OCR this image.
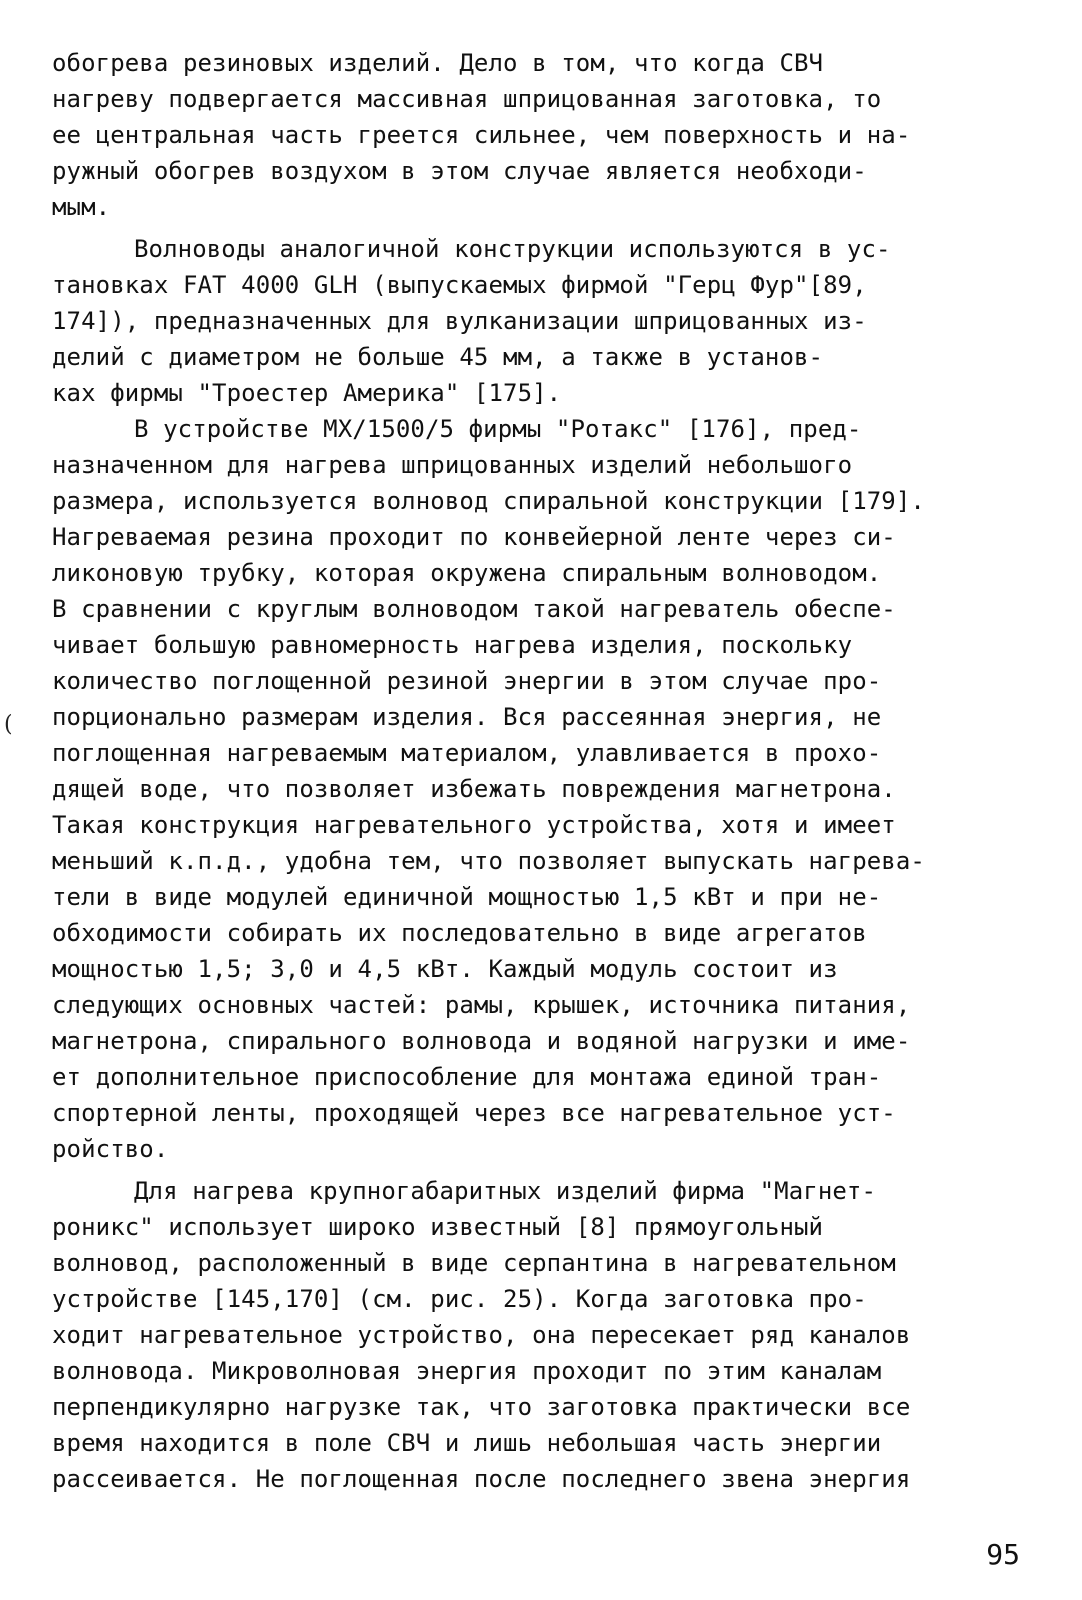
обогрева резиновых изделий. Дело в том, что когда СВЧ
нагреву подвергается массивная шприцованная заготовка, то
ее центральная часть греется сильнее, чем поверхность и на-
ружный обогрев воздухом в этом случае является необходи-
мым.
Волноводы аналогичной конструкции используются в ус-
тановках FAT 4000 GLH (выпускаемых фирмой "Герц Фур"[89,
174]), предназначенных для вулканизации шприцованных из-
делий с диаметром не больше 45 мм, а также в установ-
ках фирмы "Троестер Америка" [175].
В устройстве MX/1500/5 фирмы "Ротакс" [176], пред-
назначенном для нагрева шприцованных изделий небольшого
размера, используется волновод спиральной конструкции [179].
Нагреваемая резина проходит по конвейерной ленте через си-
ликоновую трубку, которая окружена спиральным волноводом.
В сравнении с круглым волноводом такой нагреватель обеспе-
чивает большую равномерность нагрева изделия, поскольку
количество поглощенной резиной энергии в этом случае про-
порционально размерам изделия. Вся рассеянная энергия, не
поглощенная нагреваемым материалом, улавливается в прохо-
дящей воде, что позволяет избежать повреждения магнетрона.
Такая конструкция нагревательного устройства, хотя и имеет
меньший к.п.д., удобна тем, что позволяет выпускать нагрева-
тели в виде модулей единичной мощностью 1,5 кВт и при не-
обходимости собирать их последовательно в виде агрегатов
мощностью 1,5; 3,0 и 4,5 кВт. Каждый модуль состоит из
следующих основных частей: рамы, крышек, источника питания,
магнетрона, спирального волновода и водяной нагрузки и име-
ет дополнительное приспособление для монтажа единой тран-
спортерной ленты, проходящей через все нагревательное уст-
ройство.
Для нагрева крупногабаритных изделий фирма "Магнет-
роникс" использует широко известный [8] прямоугольный
волновод, расположенный в виде серпантина в нагревательном
устройстве [145,170] (см. рис. 25). Когда заготовка про-
ходит нагревательное устройство, она пересекает ряд каналов
волновода. Микроволновая энергия проходит по этим каналам
перпендикулярно нагрузке так, что заготовка практически все
время находится в поле СВЧ и лишь небольшая часть энергии
рассеивается. Не поглощенная после последнего звена энергия
(
95
